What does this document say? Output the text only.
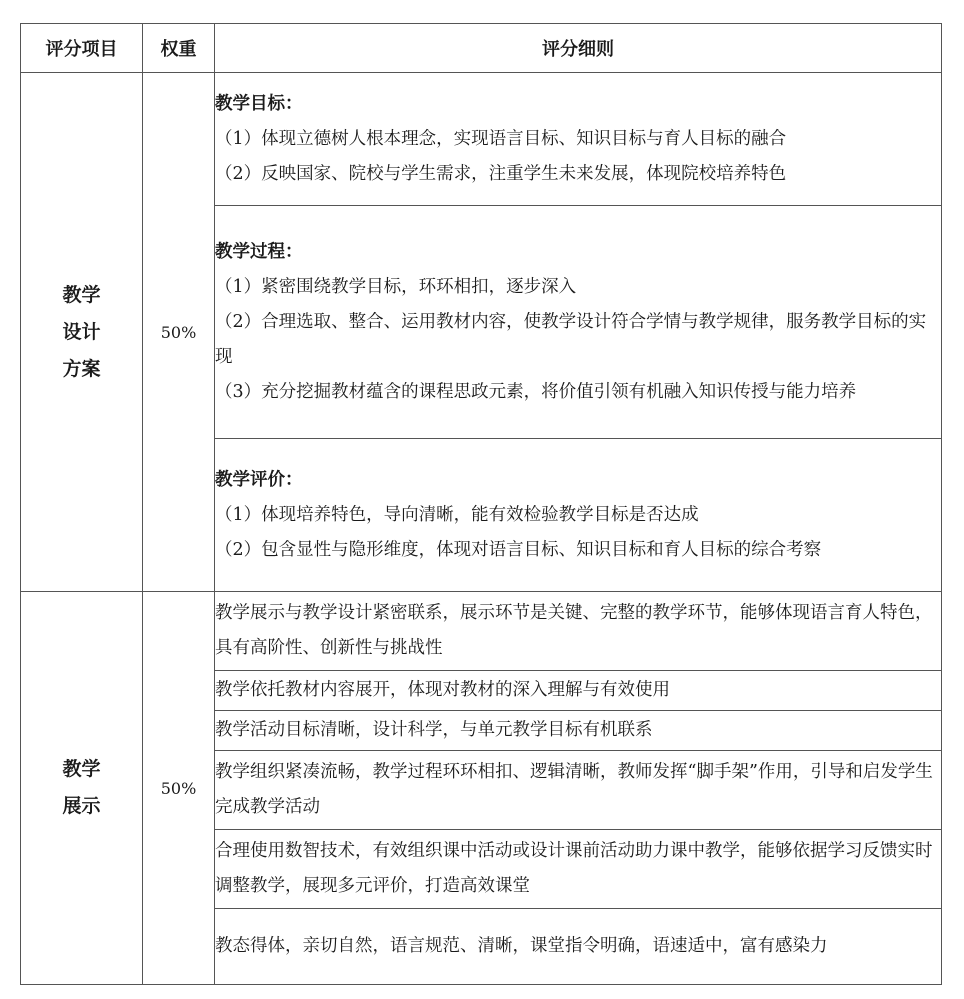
评分项目	权重	评分细则

教学
设计
方案	50%	教学目标：
（1）体现立德树人根本理念，实现语言目标、知识目标与育人目标的融合
（2）反映国家、院校与学生需求，注重学生未来发展，体现院校培养特色

		教学过程：
（1）紧密围绕教学目标，环环相扣，逐步深入
（2）合理选取、整合、运用教材内容，使教学设计符合学情与教学规律，服务教学目标的实现
（3）充分挖掘教材蕴含的课程思政元素，将价值引领有机融入知识传授与能力培养

		教学评价：
（1）体现培养特色，导向清晰，能有效检验教学目标是否达成
（2）包含显性与隐形维度，体现对语言目标、知识目标和育人目标的综合考察

教学
展示	50%	教学展示与教学设计紧密联系，展示环节是关键、完整的教学环节，能够体现语言育人特色，具有高阶性、创新性与挑战性
		教学依托教材内容展开，体现对教材的深入理解与有效使用
		教学活动目标清晰，设计科学，与单元教学目标有机联系
		教学组织紧凑流畅，教学过程环环相扣、逻辑清晰，教师发挥“脚手架”作用，引导和启发学生完成教学活动
		合理使用数智技术，有效组织课中活动或设计课前活动助力课中教学，能够依据学习反馈实时调整教学，展现多元评价，打造高效课堂
		教态得体，亲切自然，语言规范、清晰，课堂指令明确，语速适中，富有感染力
